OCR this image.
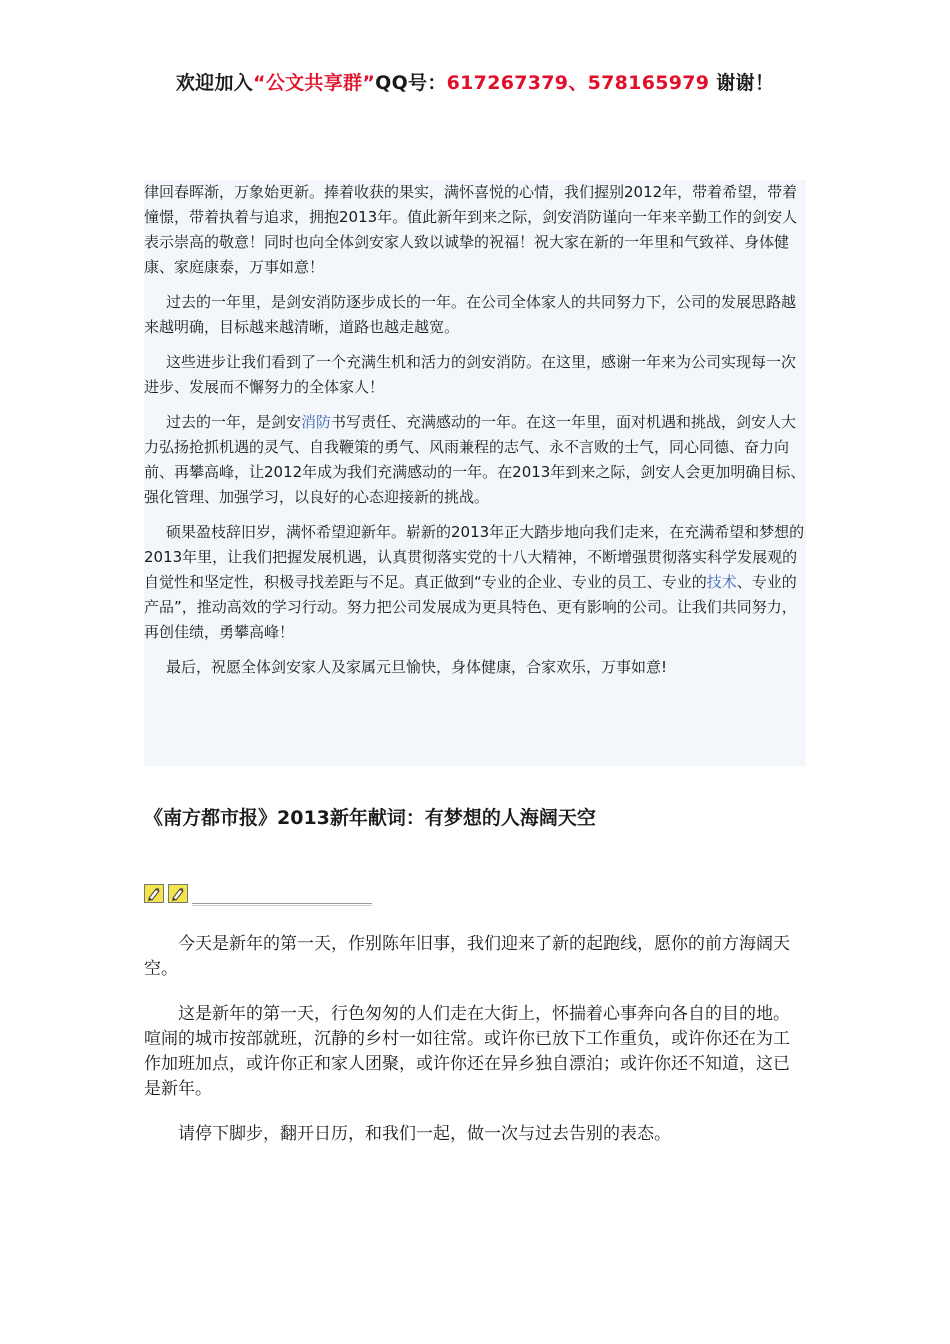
欢迎加入“公文共享群”QQ号：617267379、578165979 谢谢！

律回春晖渐，万象始更新。捧着收获的果实，满怀喜悦的心情，我们握别2012年，带着希望，带着憧憬，带着执着与追求，拥抱2013年。值此新年到来之际，剑安消防谨向一年来辛勤工作的剑安人表示崇高的敬意！同时也向全体剑安家人致以诚挚的祝福！祝大家在新的一年里和气致祥、身体健康、家庭康泰，万事如意！

过去的一年里，是剑安消防逐步成长的一年。在公司全体家人的共同努力下，公司的发展思路越来越明确，目标越来越清晰，道路也越走越宽。

这些进步让我们看到了一个充满生机和活力的剑安消防。在这里，感谢一年来为公司实现每一次进步、发展而不懈努力的全体家人！

过去的一年，是剑安消防书写责任、充满感动的一年。在这一年里，面对机遇和挑战，剑安人大力弘扬抢抓机遇的灵气、自我鞭策的勇气、风雨兼程的志气、永不言败的士气，同心同德、奋力向前、再攀高峰，让2012年成为我们充满感动的一年。在2013年到来之际，剑安人会更加明确目标、强化管理、加强学习，以良好的心态迎接新的挑战。

硕果盈枝辞旧岁，满怀希望迎新年。崭新的2013年正大踏步地向我们走来，在充满希望和梦想的2013年里，让我们把握发展机遇，认真贯彻落实党的十八大精神，不断增强贯彻落实科学发展观的自觉性和坚定性，积极寻找差距与不足。真正做到“专业的企业、专业的员工、专业的技术、专业的产品”，推动高效的学习行动。努力把公司发展成为更具特色、更有影响的公司。让我们共同努力，再创佳绩，勇攀高峰！

最后，祝愿全体剑安家人及家属元旦愉快，身体健康，合家欢乐，万事如意!

《南方都市报》2013新年献词：有梦想的人海阔天空

今天是新年的第一天，作别陈年旧事，我们迎来了新的起跑线，愿你的前方海阔天空。

这是新年的第一天，行色匆匆的人们走在大街上，怀揣着心事奔向各自的目的地。喧闹的城市按部就班，沉静的乡村一如往常。或许你已放下工作重负，或许你还在为工作加班加点，或许你正和家人团聚，或许你还在异乡独自漂泊；或许你还不知道，这已是新年。

请停下脚步，翻开日历，和我们一起，做一次与过去告别的表态。
